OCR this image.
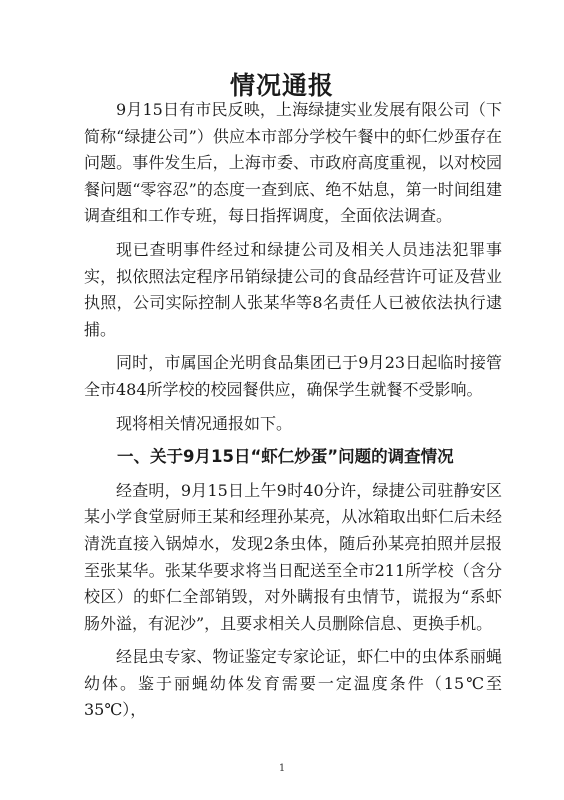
情况通报

9月15日有市民反映，上海绿捷实业发展有限公司（下简称“绿捷公司”）供应本市部分学校午餐中的虾仁炒蛋存在问题。事件发生后，上海市委、市政府高度重视，以对校园餐问题“零容忍”的态度一查到底、绝不姑息，第一时间组建调查组和工作专班，每日指挥调度，全面依法调查。

现已查明事件经过和绿捷公司及相关人员违法犯罪事实，拟依照法定程序吊销绿捷公司的食品经营许可证及营业执照，公司实际控制人张某华等8名责任人已被依法执行逮捕。

同时，市属国企光明食品集团已于9月23日起临时接管全市484所学校的校园餐供应，确保学生就餐不受影响。

现将相关情况通报如下。

一、关于9月15日“虾仁炒蛋”问题的调查情况

经查明，9月15日上午9时40分许，绿捷公司驻静安区某小学食堂厨师王某和经理孙某亮，从冰箱取出虾仁后未经清洗直接入锅焯水，发现2条虫体，随后孙某亮拍照并层报至张某华。张某华要求将当日配送至全市211所学校（含分校区）的虾仁全部销毁，对外瞒报有虫情节，谎报为“系虾肠外溢，有泥沙”，且要求相关人员删除信息、更换手机。

经昆虫专家、物证鉴定专家论证，虾仁中的虫体系丽蝇幼体。鉴于丽蝇幼体发育需要一定温度条件（15℃至35℃），

1
